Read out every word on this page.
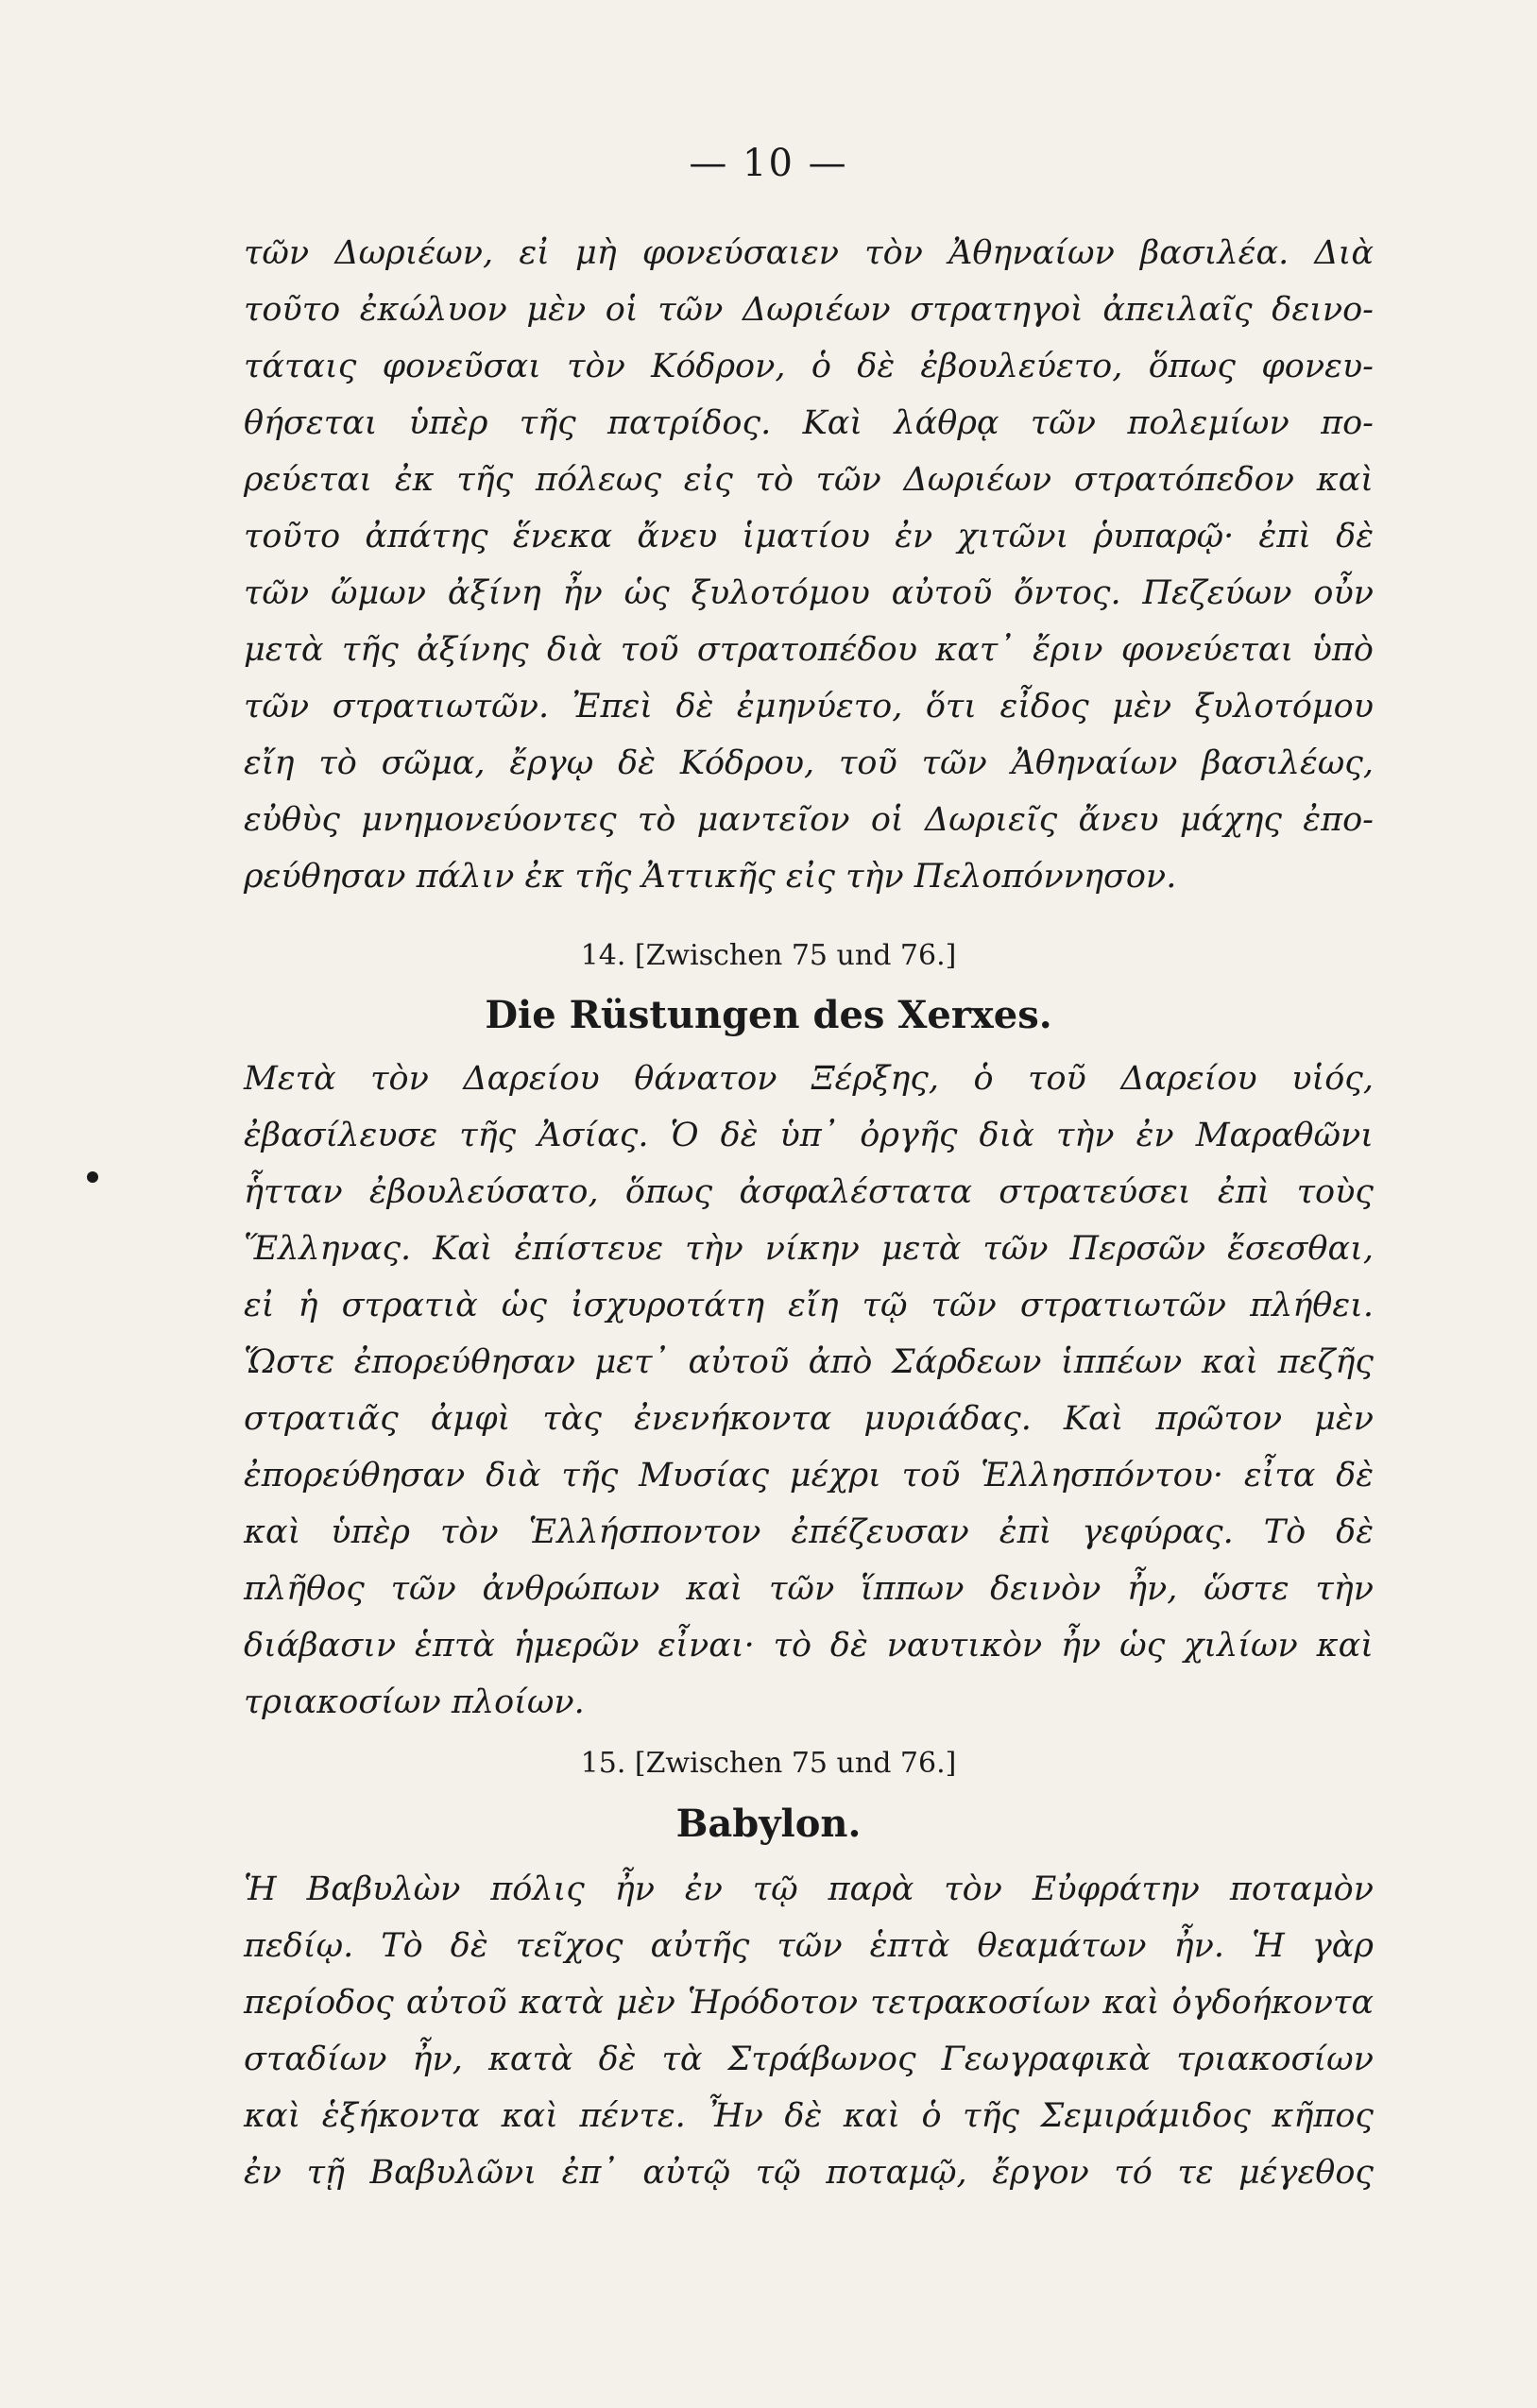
— 10 —
τῶν Δωριέων, εἰ μὴ φονεύσαιεν τὸν Ἀθηναίων βασιλέα. Διὰ
τοῦτο ἐκώλυον μὲν οἱ τῶν Δωριέων στρατηγοὶ ἀπειλαῖς δεινο-
τάταις φονεῦσαι τὸν Κόδρον, ὁ δὲ ἐβουλεύετο, ὅπως φονευ-
θήσεται ὑπὲρ τῆς πατρίδος. Καὶ λάθρᾳ τῶν πολεμίων πο-
ρεύεται ἐκ τῆς πόλεως εἰς τὸ τῶν Δωριέων στρατόπεδον καὶ
τοῦτο ἀπάτης ἕνεκα ἄνευ ἱματίου ἐν χιτῶνι ῥυπαρῷ· ἐπὶ δὲ
τῶν ὤμων ἀξίνη ἦν ὡς ξυλοτόμου αὐτοῦ ὄντος. Πεζεύων οὖν
μετὰ τῆς ἀξίνης διὰ τοῦ στρατοπέδου κατ᾿ ἔριν φονεύεται ὑπὸ
τῶν στρατιωτῶν. Ἐπεὶ δὲ ἐμηνύετο, ὅτι εἶδος μὲν ξυλοτόμου
εἴη τὸ σῶμα, ἔργῳ δὲ Κόδρου, τοῦ τῶν Ἀθηναίων βασιλέως,
εὐθὺς μνημονεύοντες τὸ μαντεῖον οἱ Δωριεῖς ἄνευ μάχης ἐπο-
ρεύθησαν πάλιν ἐκ τῆς Ἀττικῆς εἰς τὴν Πελοπόννησον.
14. [Zwischen 75 und 76.]
Die Rüstungen des Xerxes.
Μετὰ τὸν Δαρείου θάνατον Ξέρξης, ὁ τοῦ Δαρείου υἱός,
ἐβασίλευσε τῆς Ἀσίας. Ὁ δὲ ὑπ᾿ ὀργῆς διὰ τὴν ἐν Μαραθῶνι
ἧτταν ἐβουλεύσατο, ὅπως ἀσφαλέστατα στρατεύσει ἐπὶ τοὺς
Ἕλληνας. Καὶ ἐπίστευε τὴν νίκην μετὰ τῶν Περσῶν ἔσεσθαι,
εἰ ἡ στρατιὰ ὡς ἰσχυροτάτη εἴη τῷ τῶν στρατιωτῶν πλήθει.
Ὥστε ἐπορεύθησαν μετ᾿ αὐτοῦ ἀπὸ Σάρδεων ἱππέων καὶ πεζῆς
στρατιᾶς ἀμφὶ τὰς ἐνενήκοντα μυριάδας. Καὶ πρῶτον μὲν
ἐπορεύθησαν διὰ τῆς Μυσίας μέχρι τοῦ Ἑλλησπόντου· εἶτα δὲ
καὶ ὑπὲρ τὸν Ἑλλήσποντον ἐπέζευσαν ἐπὶ γεφύρας. Τὸ δὲ
πλῆθος τῶν ἀνθρώπων καὶ τῶν ἵππων δεινὸν ἦν, ὥστε τὴν
διάβασιν ἑπτὰ ἡμερῶν εἶναι· τὸ δὲ ναυτικὸν ἦν ὡς χιλίων καὶ
τριακοσίων πλοίων.
15. [Zwischen 75 und 76.]
Babylon.
Ἡ Βαβυλὼν πόλις ἦν ἐν τῷ παρὰ τὸν Εὐφράτην ποταμὸν
πεδίῳ. Τὸ δὲ τεῖχος αὐτῆς τῶν ἑπτὰ θεαμάτων ἦν. Ἡ γὰρ
περίοδος αὐτοῦ κατὰ μὲν Ἡρόδοτον τετρακοσίων καὶ ὀγδοήκοντα
σταδίων ἦν, κατὰ δὲ τὰ Στράβωνος Γεωγραφικὰ τριακοσίων
καὶ ἑξήκοντα καὶ πέντε. Ἦν δὲ καὶ ὁ τῆς Σεμιράμιδος κῆπος
ἐν τῇ Βαβυλῶνι ἐπ᾿ αὐτῷ τῷ ποταμῷ, ἔργον τό τε μέγεθος
